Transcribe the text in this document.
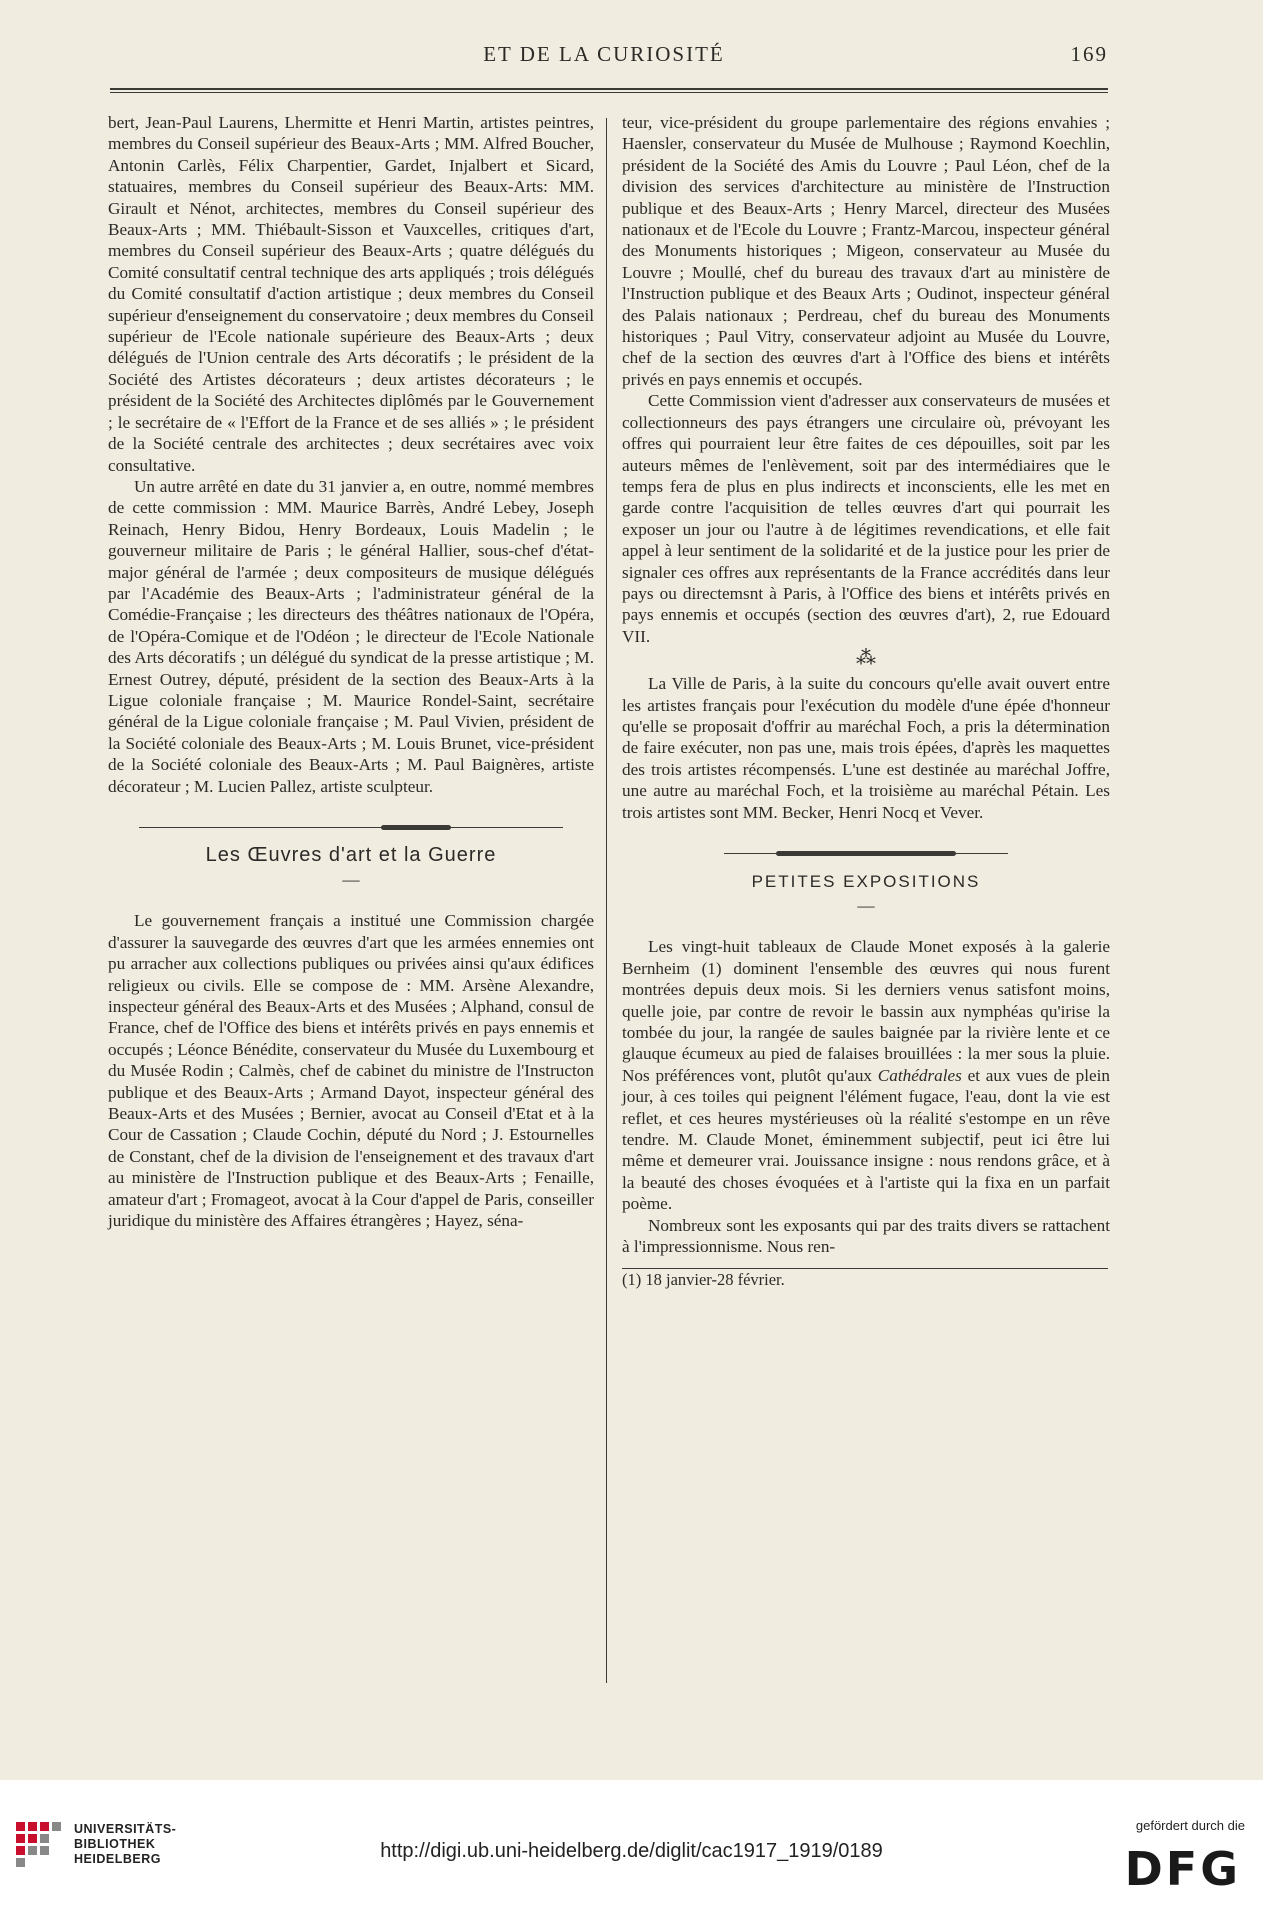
ET DE LA CURIOSITÉ	169

bert, Jean-Paul Laurens, Lhermitte et Henri Martin, artistes peintres, membres du Conseil supérieur des Beaux-Arts ; MM. Alfred Boucher, Antonin Carlès, Félix Charpentier, Gardet, Injalbert et Sicard, statuaires, membres du Conseil supérieur des Beaux-Arts: MM. Girault et Nénot, architectes, membres du Conseil supérieur des Beaux-Arts ; MM. Thiébault-Sisson et Vauxcelles, critiques d'art, membres du Conseil supérieur des Beaux-Arts ; quatre délégués du Comité consultatif central technique des arts appliqués ; trois délégués du Comité consultatif d'action artistique ; deux membres du Conseil supérieur d'enseignement du conservatoire ; deux membres du Conseil supérieur de l'Ecole nationale supérieure des Beaux-Arts ; deux délégués de l'Union centrale des Arts décoratifs ; le président de la Société des Artistes décorateurs ; deux artistes décorateurs ; le président de la Société des Architectes diplômés par le Gouvernement ; le secrétaire de « l'Effort de la France et de ses alliés » ; le président de la Société centrale des architectes ; deux secrétaires avec voix consultative.

Un autre arrêté en date du 31 janvier a, en outre, nommé membres de cette commission : MM. Maurice Barrès, André Lebey, Joseph Reinach, Henry Bidou, Henry Bordeaux, Louis Madelin ; le gouverneur militaire de Paris ; le général Hallier, sous-chef d'état-major général de l'armée ; deux compositeurs de musique délégués par l'Académie des Beaux-Arts ; l'administrateur général de la Comédie-Française ; les directeurs des théâtres nationaux de l'Opéra, de l'Opéra-Comique et de l'Odéon ; le directeur de l'Ecole Nationale des Arts décoratifs ; un délégué du syndicat de la presse artistique ; M. Ernest Outrey, député, président de la section des Beaux-Arts à la Ligue coloniale française ; M. Maurice Rondel-Saint, secrétaire général de la Ligue coloniale française ; M. Paul Vivien, président de la Société coloniale des Beaux-Arts ; M. Louis Brunet, vice-président de la Société coloniale des Beaux-Arts ; M. Paul Baignères, artiste décorateur ; M. Lucien Pallez, artiste sculpteur.

Les Œuvres d'art et la Guerre
—

Le gouvernement français a institué une Commission chargée d'assurer la sauvegarde des œuvres d'art que les armées ennemies ont pu arracher aux collections publiques ou privées ainsi qu'aux édifices religieux ou civils. Elle se compose de : MM. Arsène Alexandre, inspecteur général des Beaux-Arts et des Musées ; Alphand, consul de France, chef de l'Office des biens et intérêts privés en pays ennemis et occupés ; Léonce Bénédite, conservateur du Musée du Luxembourg et du Musée Rodin ; Calmès, chef de cabinet du ministre de l'Instructon publique et des Beaux-Arts ; Armand Dayot, inspecteur général des Beaux-Arts et des Musées ; Bernier, avocat au Conseil d'Etat et à la Cour de Cassation ; Claude Cochin, député du Nord ; J. Estournelles de Constant, chef de la division de l'enseignement et des travaux d'art au ministère de l'Instruction publique et des Beaux-Arts ; Fenaille, amateur d'art ; Fromageot, avocat à la Cour d'appel de Paris, conseiller juridique du ministère des Affaires étrangères ; Hayez, séna-

teur, vice-président du groupe parlementaire des régions envahies ; Haensler, conservateur du Musée de Mulhouse ; Raymond Koechlin, président de la Société des Amis du Louvre ; Paul Léon, chef de la division des services d'architecture au ministère de l'Instruction publique et des Beaux-Arts ; Henry Marcel, directeur des Musées nationaux et de l'Ecole du Louvre ; Frantz-Marcou, inspecteur général des Monuments historiques ; Migeon, conservateur au Musée du Louvre ; Moullé, chef du bureau des travaux d'art au ministère de l'Instruction publique et des Beaux Arts ; Oudinot, inspecteur général des Palais nationaux ; Perdreau, chef du bureau des Monuments historiques ; Paul Vitry, conservateur adjoint au Musée du Louvre, chef de la section des œuvres d'art à l'Office des biens et intérêts privés en pays ennemis et occupés.

Cette Commission vient d'adresser aux conservateurs de musées et collectionneurs des pays étrangers une circulaire où, prévoyant les offres qui pourraient leur être faites de ces dépouilles, soit par les auteurs mêmes de l'enlèvement, soit par des intermédiaires que le temps fera de plus en plus indirects et inconscients, elle les met en garde contre l'acquisition de telles œuvres d'art qui pourrait les exposer un jour ou l'autre à de légitimes revendications, et elle fait appel à leur sentiment de la solidarité et de la justice pour les prier de signaler ces offres aux représentants de la France accrédités dans leur pays ou directemsnt à Paris, à l'Office des biens et intérêts privés en pays ennemis et occupés (section des œuvres d'art), 2, rue Edouard VII.

⁂

La Ville de Paris, à la suite du concours qu'elle avait ouvert entre les artistes français pour l'exécution du modèle d'une épée d'honneur qu'elle se proposait d'offrir au maréchal Foch, a pris la détermination de faire exécuter, non pas une, mais trois épées, d'après les maquettes des trois artistes récompensés. L'une est destinée au maréchal Joffre, une autre au maréchal Foch, et la troisième au maréchal Pétain. Les trois artistes sont MM. Becker, Henri Nocq et Vever.

PETITES EXPOSITIONS
—

Les vingt-huit tableaux de Claude Monet exposés à la galerie Bernheim (1) dominent l'ensemble des œuvres qui nous furent montrées depuis deux mois. Si les derniers venus satisfont moins, quelle joie, par contre de revoir le bassin aux nymphéas qu'irise la tombée du jour, la rangée de saules baignée par la rivière lente et ce glauque écumeux au pied de falaises brouillées : la mer sous la pluie. Nos préférences vont, plutôt qu'aux Cathédrales et aux vues de plein jour, à ces toiles qui peignent l'élément fugace, l'eau, dont la vie est reflet, et ces heures mystérieuses où la réalité s'estompe en un rêve tendre. M. Claude Monet, éminemment subjectif, peut ici être lui même et demeurer vrai. Jouissance insigne : nous rendons grâce, et à la beauté des choses évoquées et à l'artiste qui la fixa en un parfait poème.

Nombreux sont les exposants qui par des traits divers se rattachent à l'impressionnisme. Nous ren-

(1) 18 janvier-28 février.

UNIVERSITÄTS-
BIBLIOTHEK
HEIDELBERG	http://digi.ub.uni-heidelberg.de/diglit/cac1917_1919/0189
gefördert durch die
DFG
